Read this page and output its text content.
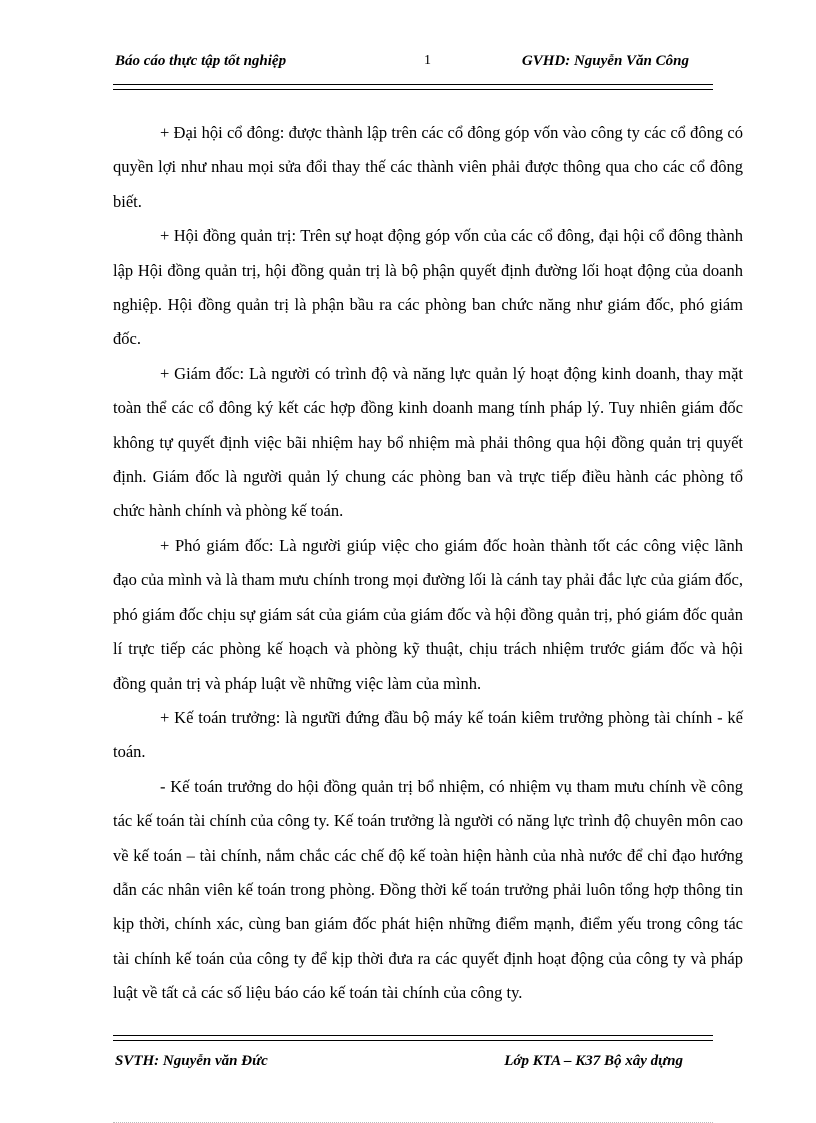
Báo cáo thực tập tốt nghiệp	1	GVHD: Nguyễn Văn Công

+ Đại hội cổ đông: được thành lập trên các cổ đông góp vốn vào công ty các cổ đông có quyền lợi như nhau mọi sửa đổi thay thế các thành viên phải được thông qua cho các cổ đông biết.

+ Hội đồng quản trị: Trên sự hoạt động góp vốn của các cổ đông, đại hội cổ đông thành lập Hội đồng quản trị, hội đồng quản trị là bộ phận quyết định đường lối hoạt động của doanh nghiệp. Hội đồng quản trị là phận bầu ra các phòng ban chức năng như giám đốc, phó giám đốc.

+ Giám đốc: Là người có trình độ và năng lực quản lý hoạt động kinh doanh, thay mặt toàn thể các cổ đông ký kết các hợp đồng kinh doanh mang tính pháp lý. Tuy nhiên giám đốc không tự quyết định việc bãi nhiệm hay bổ nhiệm mà phải thông qua hội đồng quản trị quyết định. Giám đốc là người quản lý chung các phòng ban và trực tiếp điều hành các phòng tổ chức hành chính và phòng kế toán.

+ Phó giám đốc: Là người giúp việc cho giám đốc hoàn thành tốt các công việc lãnh đạo của mình và là tham mưu chính trong mọi đường lối là cánh tay phải đắc lực của giám đốc, phó giám đốc chịu sự giám sát của giám của giám đốc và hội đồng quản trị, phó giám đốc quản lí trực tiếp các phòng kế hoạch và phòng kỹ thuật, chịu trách nhiệm trước giám đốc và hội đồng quản trị và pháp luật về những việc làm của mình.

+ Kế toán trưởng: là ngưữi đứng đầu bộ máy kế toán kiêm trưởng phòng tài chính - kế toán.

- Kế toán trưởng do hội đồng quản trị bổ nhiệm, có nhiệm vụ tham mưu chính về công tác kế toán tài chính của công ty. Kế toán trưởng là người có năng lực trình độ chuyên môn cao về kế toán – tài chính, nắm chắc các chế độ kế toàn hiện hành của nhà nước để chỉ đạo hướng dẫn các nhân viên kế toán trong phòng. Đồng thời kế toán trưởng phải luôn tổng hợp thông tin kịp thời, chính xác, cùng ban giám đốc phát hiện những điểm mạnh, điểm yếu trong công tác tài chính kế toán của công ty để kịp thời đưa ra các quyết định hoạt động của công ty và pháp luật về tất cả các số liệu báo cáo kế toán tài chính của công ty.

SVTH: Nguyễn văn Đức	Lớp KTA – K37 Bộ xây dựng
